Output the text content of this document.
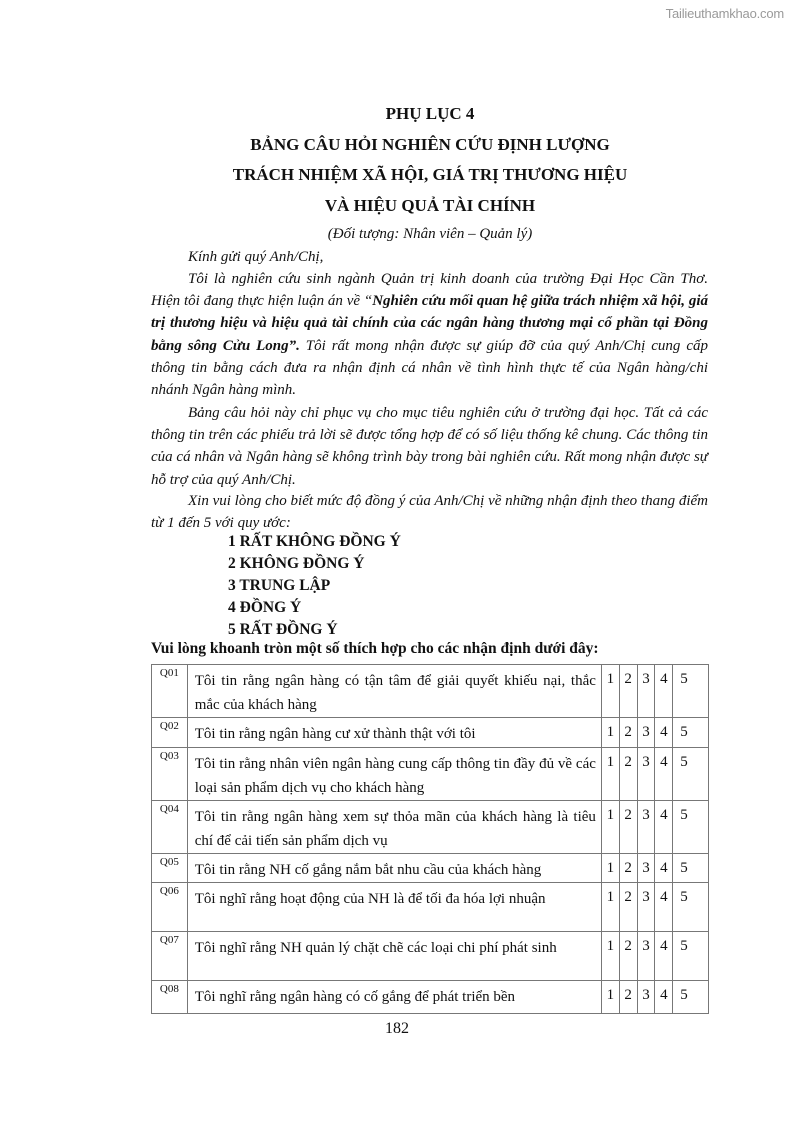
Tailieuthamkhao.com
PHỤ LỤC 4
BẢNG CÂU HỎI NGHIÊN CỨU ĐỊNH LƯỢNG
TRÁCH NHIỆM XÃ HỘI, GIÁ TRỊ THƯƠNG HIỆU
VÀ HIỆU QUẢ TÀI CHÍNH
(Đối tượng: Nhân viên – Quản lý)
Kính gửi quý Anh/Chị,
Tôi là nghiên cứu sinh ngành Quản trị kinh doanh của trường Đại Học Cần Thơ. Hiện tôi đang thực hiện luận án về “Nghiên cứu mối quan hệ giữa trách nhiệm xã hội, giá trị thương hiệu và hiệu quả tài chính của các ngân hàng thương mại cổ phần tại Đồng bằng sông Cửu Long”. Tôi rất mong nhận được sự giúp đỡ của quý Anh/Chị cung cấp thông tin bằng cách đưa ra nhận định cá nhân về tình hình thực tế của Ngân hàng/chi nhánh Ngân hàng mình.
Bảng câu hỏi này chỉ phục vụ cho mục tiêu nghiên cứu ở trường đại học. Tất cả các thông tin trên các phiếu trả lời sẽ được tổng hợp để có số liệu thống kê chung. Các thông tin của cá nhân và Ngân hàng sẽ không trình bày trong bài nghiên cứu. Rất mong nhận được sự hỗ trợ của quý Anh/Chị.
Xin vui lòng cho biết mức độ đồng ý của Anh/Chị về những nhận định theo thang điểm từ 1 đến 5 với quy ước:
1 RẤT KHÔNG ĐỒNG Ý
2 KHÔNG ĐỒNG Ý
3 TRUNG LẬP
4 ĐỒNG Ý
5 RẤT ĐỒNG Ý
Vui lòng khoanh tròn một số thích hợp cho các nhận định dưới đây:
Q01	Tôi tin rằng ngân hàng có tận tâm để giải quyết khiếu nại, thắc mắc của khách hàng	1	2	3	4	5
Q02	Tôi tin rằng ngân hàng cư xử thành thật với tôi	1	2	3	4	5
Q03	Tôi tin rằng nhân viên ngân hàng cung cấp thông tin đầy đủ về các loại sản phẩm dịch vụ cho khách hàng	1	2	3	4	5
Q04	Tôi tin rằng ngân hàng xem sự thỏa mãn của khách hàng là tiêu chí để cải tiến sản phẩm dịch vụ	1	2	3	4	5
Q05	Tôi tin rằng NH cố gắng nắm bắt nhu cầu của khách hàng	1	2	3	4	5
Q06	Tôi nghĩ rằng hoạt động của NH là để tối đa hóa lợi nhuận	1	2	3	4	5
Q07	Tôi nghĩ rằng NH quản lý chặt chẽ các loại chi phí phát sinh	1	2	3	4	5
Q08	Tôi nghĩ rằng ngân hàng có cố gắng để phát triển bền	1	2	3	4	5
182
